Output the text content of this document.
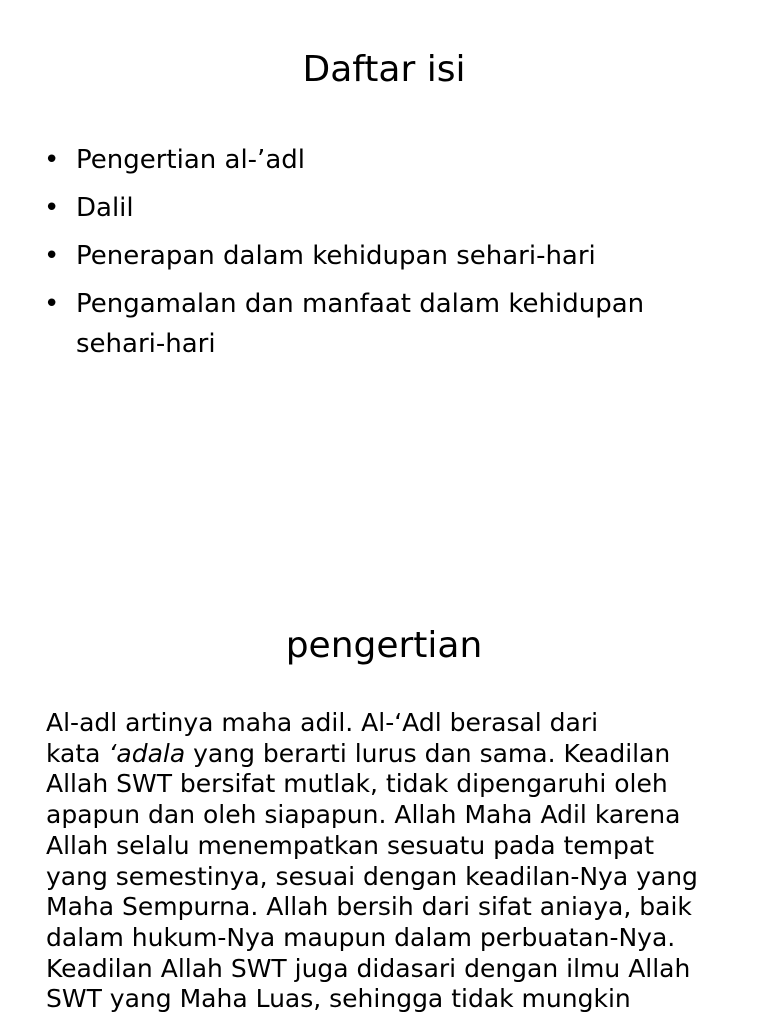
Daftar isi
• Pengertian al-’adl
• Dalil
• Penerapan dalam kehidupan sehari-hari
• Pengamalan dan manfaat dalam kehidupan sehari-hari
pengertian
Al-adl artinya maha adil. Al-‘Adl berasal dari
kata ‘adala yang berarti lurus dan sama. Keadilan
Allah SWT bersifat mutlak, tidak dipengaruhi oleh
apapun dan oleh siapapun. Allah Maha Adil karena
Allah selalu menempatkan sesuatu pada tempat
yang semestinya, sesuai dengan keadilan-Nya yang
Maha Sempurna. Allah bersih dari sifat aniaya, baik
dalam hukum-Nya maupun dalam perbuatan-Nya.
Keadilan Allah SWT juga didasari dengan ilmu Allah
SWT yang Maha Luas, sehingga tidak mungkin
